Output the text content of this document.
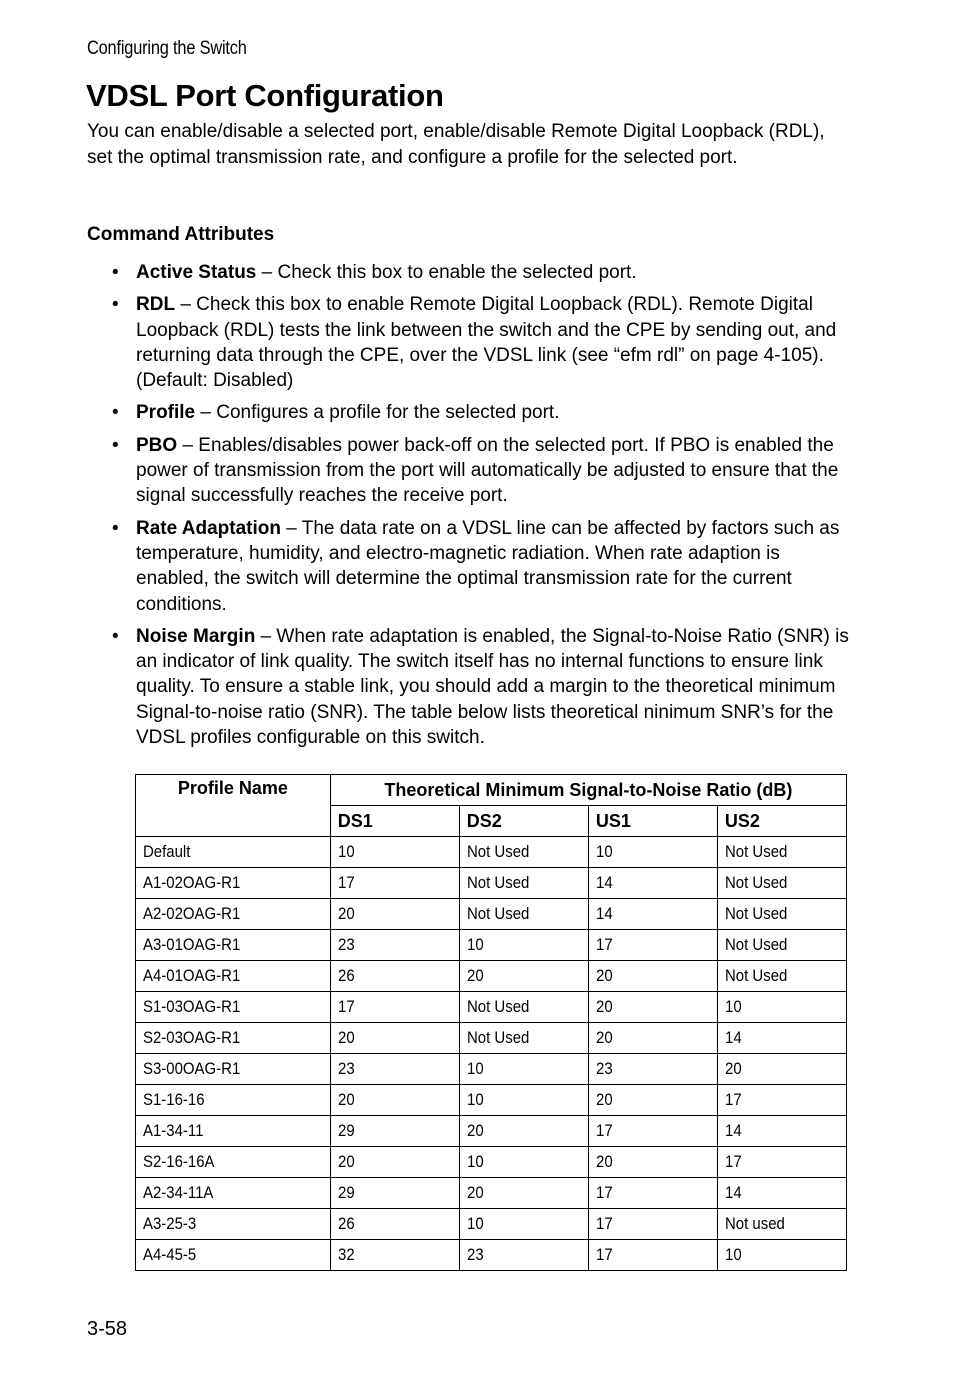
Configuring the Switch
VDSL Port Configuration

You can enable/disable a selected port, enable/disable Remote Digital Loopback (RDL), set the optimal transmission rate, and configure a profile for the selected port.

Command Attributes

• Active Status – Check this box to enable the selected port.
• RDL – Check this box to enable Remote Digital Loopback (RDL). Remote Digital Loopback (RDL) tests the link between the switch and the CPE by sending out, and returning data through the CPE, over the VDSL link (see “efm rdl” on page 4-105). (Default: Disabled)
• Profile – Configures a profile for the selected port.
• PBO – Enables/disables power back-off on the selected port. If PBO is enabled the power of transmission from the port will automatically be adjusted to ensure that the signal successfully reaches the receive port.
• Rate Adaptation – The data rate on a VDSL line can be affected by factors such as temperature, humidity, and electro-magnetic radiation. When rate adaption is enabled, the switch will determine the optimal transmission rate for the current conditions.
• Noise Margin – When rate adaptation is enabled, the Signal-to-Noise Ratio (SNR) is an indicator of link quality. The switch itself has no internal functions to ensure link quality. To ensure a stable link, you should add a margin to the theoretical minimum Signal-to-noise ratio (SNR). The table below lists theoretical ninimum SNR’s for the VDSL profiles configurable on this switch.
Profile Name	Theoretical Minimum Signal-to-Noise Ratio (dB)			
	DS1	DS2	US1	US2
Default	10	Not Used	10	Not Used
A1-02OAG-R1	17	Not Used	14	Not Used
A2-02OAG-R1	20	Not Used	14	Not Used
A3-01OAG-R1	23	10	17	Not Used
A4-01OAG-R1	26	20	20	Not Used
S1-03OAG-R1	17	Not Used	20	10
S2-03OAG-R1	20	Not Used	20	14
S3-00OAG-R1	23	10	23	20
S1-16-16	20	10	20	17
A1-34-11	29	20	17	14
S2-16-16A	20	10	20	17
A2-34-11A	29	20	17	14
A3-25-3	26	10	17	Not used
A4-45-5	32	23	17	10
3-58
